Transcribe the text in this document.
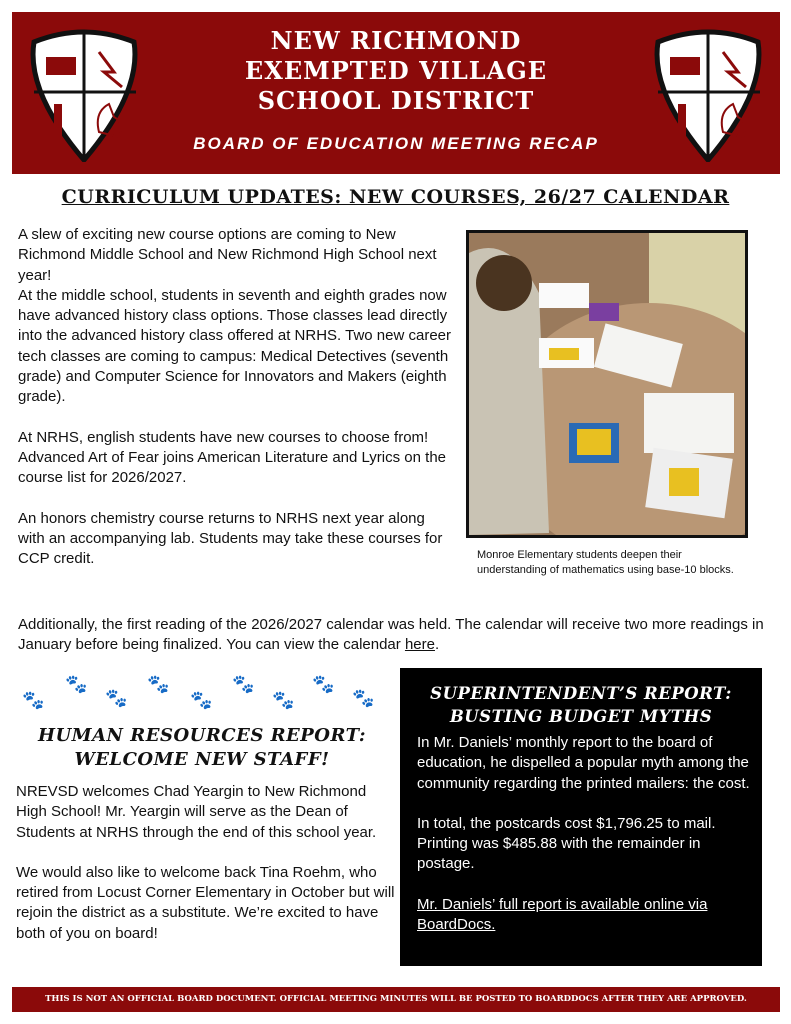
NEW RICHMOND
EXEMPTED VILLAGE
SCHOOL DISTRICT
BOARD OF EDUCATION MEETING RECAP
CURRICULUM UPDATES: NEW COURSES, 26/27 CALENDAR

A slew of exciting new course options are coming to New Richmond Middle School and New Richmond High School next year!

At the middle school, students in seventh and eighth grades now have advanced history class options. Those classes lead directly into the advanced history class offered at NRHS. Two new career tech classes are coming to campus: Medical Detectives (seventh grade) and Computer Science for Innovators and Makers (eighth grade).

At NRHS, english students have new courses to choose from! Advanced Art of Fear joins American Literature and Lyrics on the course list for 2026/2027.

An honors chemistry course returns to NRHS next year along with an accompanying lab. Students may take these courses for CCP credit.	Monroe Elementary students deepen their understanding of mathematics using base-10 blocks.

Additionally, the first reading of the 2026/2027 calendar was held. The calendar will receive two more readings in January before being finalized. You can view the calendar here.

🐾
🐾
🐾
🐾
🐾
🐾
🐾
🐾
🐾
HUMAN RESOURCES REPORT:
WELCOME NEW STAFF!

NREVSD welcomes Chad Yeargin to New Richmond High School! Mr. Yeargin will serve as the Dean of Students at NRHS through the end of this school year.

We would also like to welcome back Tina Roehm, who retired from Locust Corner Elementary in October but will rejoin the district as a substitute. We’re excited to have both of you on board!

SUPERINTENDENT’S REPORT:
BUSTING BUDGET MYTHS

In Mr. Daniels’ monthly report to the board of education, he dispelled a popular myth among the community regarding the printed mailers: the cost.

In total, the postcards cost $1,796.25 to mail. Printing was $485.88 with the remainder in postage.

Mr. Daniels’ full report is available online via BoardDocs.

THIS IS NOT AN OFFICIAL BOARD DOCUMENT. OFFICIAL MEETING MINUTES WILL BE POSTED TO BOARDDOCS AFTER THEY ARE APPROVED.
